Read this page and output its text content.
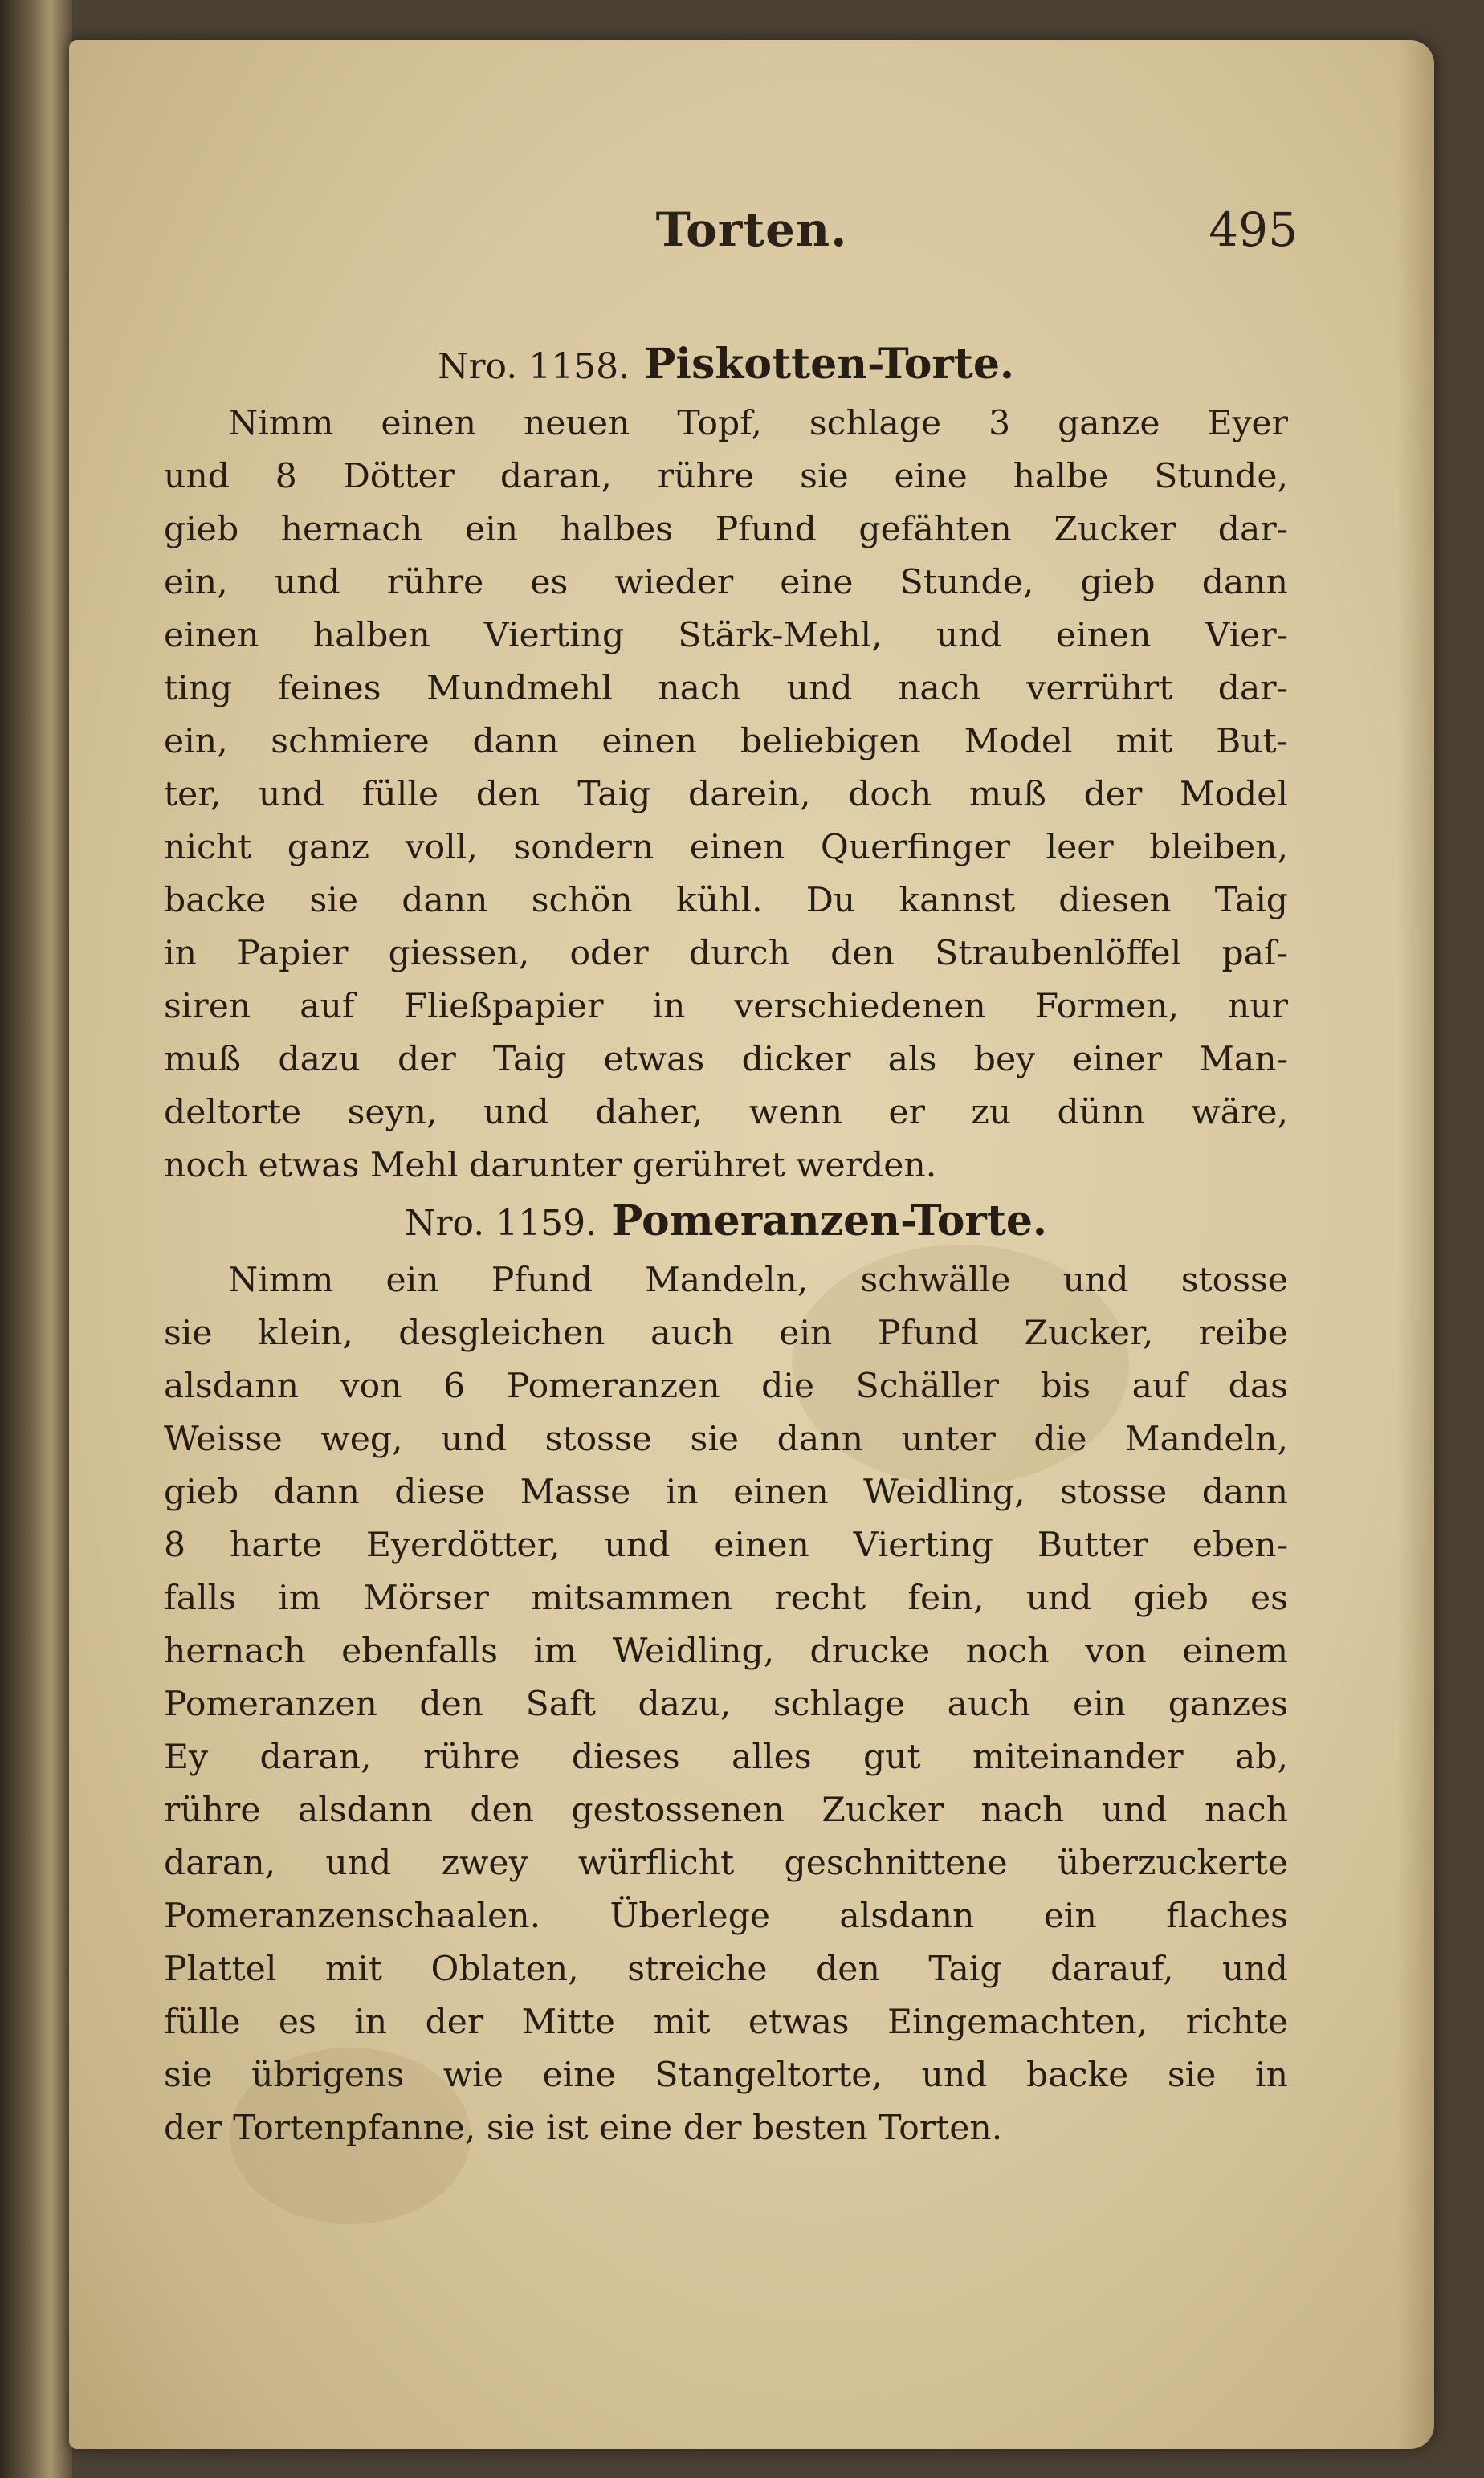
Torten.	495
Nro. 1158. Piskotten-Torte.
Nimm einen neuen Topf, schlage 3 ganze Eyer
und 8 Dötter daran, rühre sie eine halbe Stunde,
gieb hernach ein halbes Pfund gefähten Zucker dar-
ein, und rühre es wieder eine Stunde, gieb dann
einen halben Vierting Stärk-Mehl, und einen Vier-
ting feines Mundmehl nach und nach verrührt dar-
ein, schmiere dann einen beliebigen Model mit But-
ter, und fülle den Taig darein, doch muß der Model
nicht ganz voll, sondern einen Querfinger leer bleiben,
backe sie dann schön kühl. Du kannst diesen Taig
in Papier giessen, oder durch den Straubenlöffel paſ-
siren auf Fließpapier in verschiedenen Formen, nur
muß dazu der Taig etwas dicker als bey einer Man-
deltorte seyn, und daher, wenn er zu dünn wäre,
noch etwas Mehl darunter gerühret werden.
Nro. 1159. Pomeranzen-Torte.
Nimm ein Pfund Mandeln, schwälle und stosse
sie klein, desgleichen auch ein Pfund Zucker, reibe
alsdann von 6 Pomeranzen die Schäller bis auf das
Weisse weg, und stosse sie dann unter die Mandeln,
gieb dann diese Masse in einen Weidling, stosse dann
8 harte Eyerdötter, und einen Vierting Butter eben-
falls im Mörser mitsammen recht fein, und gieb es
hernach ebenfalls im Weidling, drucke noch von einem
Pomeranzen den Saft dazu, schlage auch ein ganzes
Ey daran, rühre dieses alles gut miteinander ab,
rühre alsdann den gestossenen Zucker nach und nach
daran, und zwey würflicht geschnittene überzuckerte
Pomeranzenschaalen. Überlege alsdann ein flaches
Plattel mit Oblaten, streiche den Taig darauf, und
fülle es in der Mitte mit etwas Eingemachten, richte
sie übrigens wie eine Stangeltorte, und backe sie in
der Tortenpfanne, sie ist eine der besten Torten.
